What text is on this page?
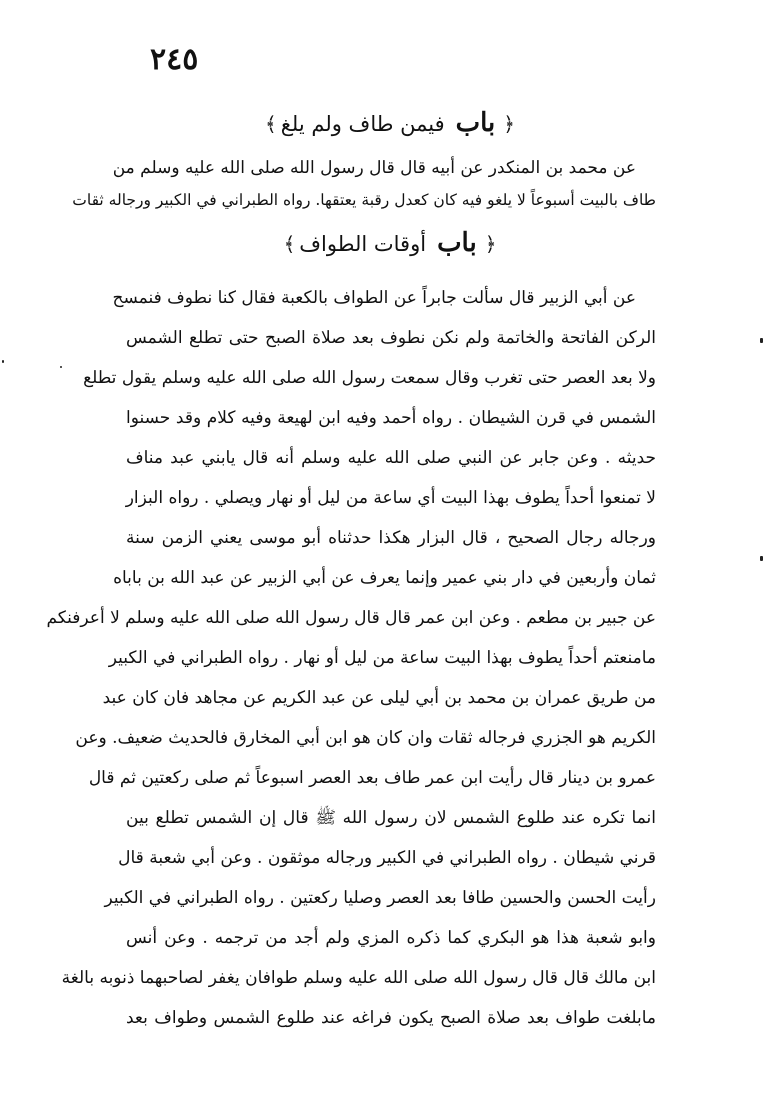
٢٤٥
﴿باب فيمن طاف ولم يلغ﴾
عن محمد بن المنكدر عن أبيه قال قال رسول الله صلى الله عليه وسلم من
طاف بالبيت أسبوعاً لا يلغو فيه كان كعدل رقبة يعتقها. رواه الطبراني في الكبير ورجاله ثقات
﴿باب أوقات الطواف﴾
عن أبي الزبير قال سألت جابراً عن الطواف بالكعبة فقال كنا نطوف فنمسح
الركن الفاتحة والخاتمة ولم نكن نطوف بعد صلاة الصبح حتى تطلع الشمس
ولا بعد العصر حتى تغرب وقال سمعت رسول الله صلى الله عليه وسلم يقول تطلع
الشمس في قرن الشيطان . رواه أحمد وفيه ابن لهيعة وفيه كلام وقد حسنوا
حديثه . وعن جابر عن النبي صلى الله عليه وسلم أنه قال يابني عبد مناف
لا تمنعوا أحداً يطوف بهذا البيت أي ساعة من ليل أو نهار ويصلي . رواه البزار
ورجاله رجال الصحيح ، قال البزار هكذا حدثناه أبو موسى يعني الزمن سنة
ثمان وأربعين في دار بني عمير وإنما يعرف عن أبي الزبير عن عبد الله بن باباه
عن جبير بن مطعم . وعن ابن عمر قال قال رسول الله صلى الله عليه وسلم لا أعرفنكم
مامنعتم أحداً يطوف بهذا البيت ساعة من ليل أو نهار . رواه الطبراني في الكبير
من طريق عمران بن محمد بن أبي ليلى عن عبد الكريم عن مجاهد فان كان عبد
الكريم هو الجزري فرجاله ثقات وان كان هو ابن أبي المخارق فالحديث ضعيف. وعن
عمرو بن دينار قال رأيت ابن عمر طاف بعد العصر اسبوعاً ثم صلى ركعتين ثم قال
انما تكره عند طلوع الشمس لان رسول الله ﷺ قال إن الشمس تطلع بين
قرني شيطان . رواه الطبراني في الكبير ورجاله موثقون . وعن أبي شعبة قال
رأيت الحسن والحسين طافا بعد العصر وصليا ركعتين . رواه الطبراني في الكبير
وابو شعبة هذا هو البكري كما ذكره المزي ولم أجد من ترجمه . وعن أنس
ابن مالك قال قال رسول الله صلى الله عليه وسلم طوافان يغفر لصاحبهما ذنوبه بالغة
مابلغت طواف بعد صلاة الصبح يكون فراغه عند طلوع الشمس وطواف بعد
